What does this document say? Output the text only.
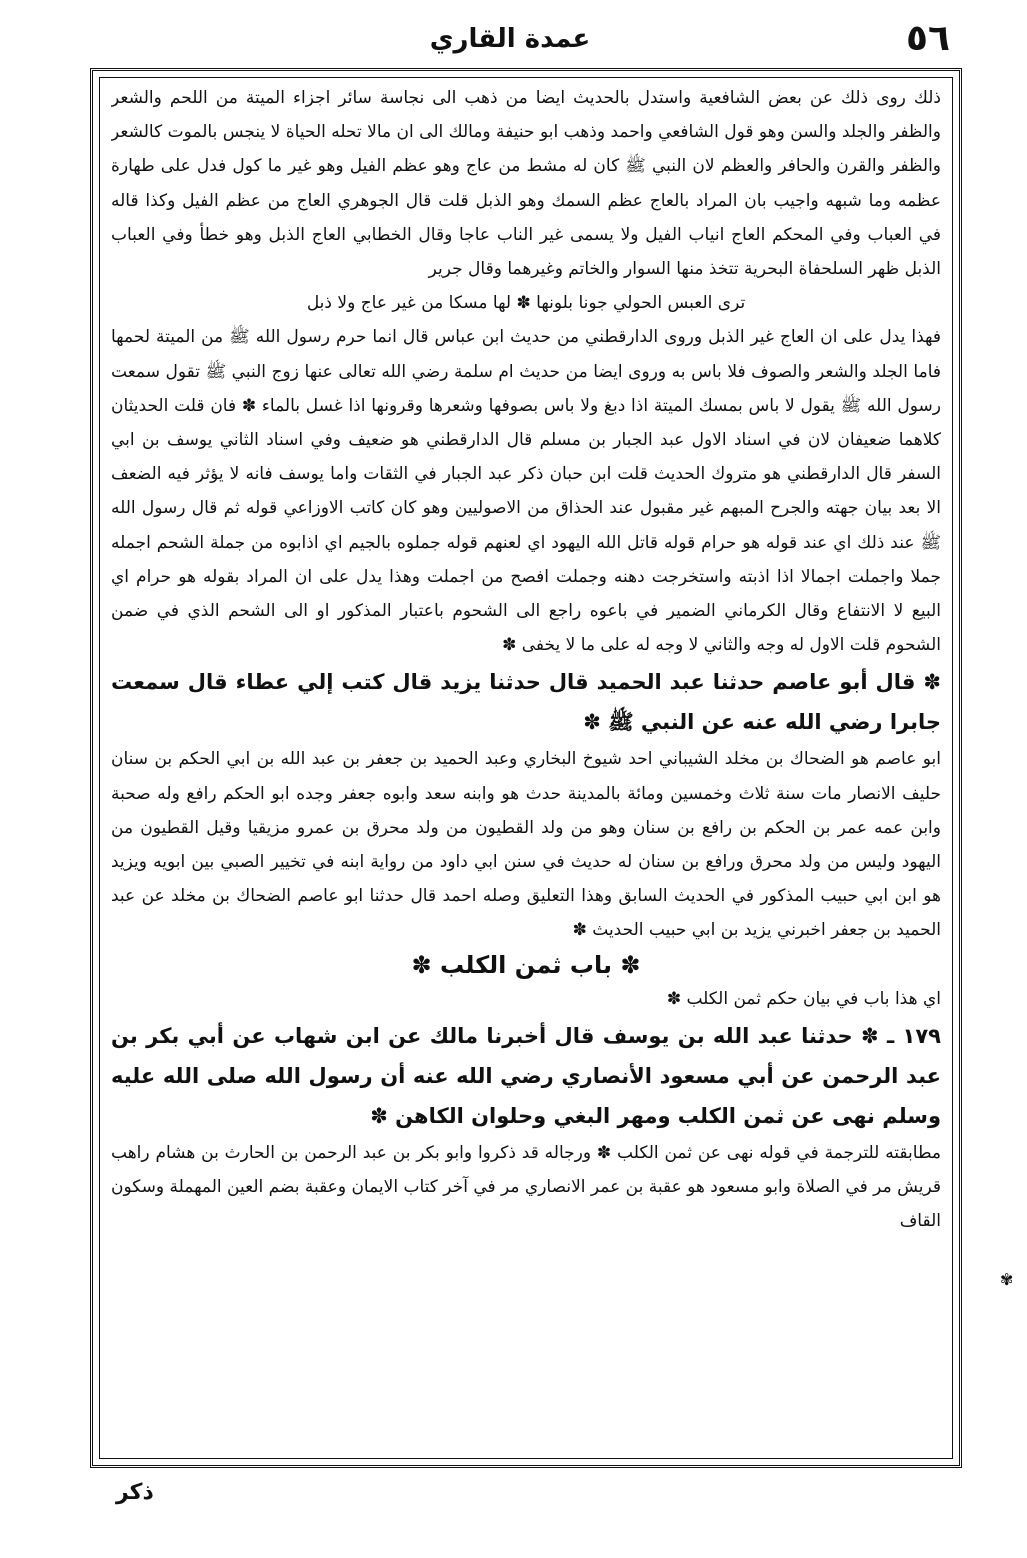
٥٦
عمدة القاري

ذلك روى ذلك عن بعض الشافعية واستدل بالحديث ايضا من ذهب الى نجاسة سائر اجزاء الميتة من اللحم والشعر والظفر والجلد والسن وهو قول الشافعي واحمد وذهب ابو حنيفة ومالك الى ان مالا تحله الحياة لا ينجس بالموت كالشعر والظفر والقرن والحافر والعظم لان النبي ﷺ كان له مشط من عاج وهو عظم الفيل وهو غير ما كول فدل على طهارة عظمه وما شبهه واجيب بان المراد بالعاج عظم السمك وهو الذبل قلت قال الجوهري العاج من عظم الفيل وكذا قاله في العباب وفي المحكم العاج انياب الفيل ولا يسمى غير الناب عاجا وقال الخطابي العاج الذبل وهو خطأ وفي العباب الذبل ظهر السلحفاة البحرية تتخذ منها السوار والخاتم وغيرهما وقال جرير

ترى العبس الحولي جونا بلونها ✽ لها مسكا من غير عاج ولا ذبل

فهذا يدل على ان العاج غير الذبل وروى الدارقطني من حديث ابن عباس قال انما حرم رسول الله ﷺ من الميتة لحمها فاما الجلد والشعر والصوف فلا باس به وروى ايضا من حديث ام سلمة رضي الله تعالى عنها زوج النبي ﷺ تقول سمعت رسول الله ﷺ يقول لا باس بمسك الميتة اذا دبغ ولا باس بصوفها وشعرها وقرونها اذا غسل بالماء ✽ فان قلت الحديثان كلاهما ضعيفان لان في اسناد الاول عبد الجبار بن مسلم قال الدارقطني هو ضعيف وفي اسناد الثاني يوسف بن ابي السفر قال الدارقطني هو متروك الحديث قلت ابن حبان ذكر عبد الجبار في الثقات واما يوسف فانه لا يؤثر فيه الضعف الا بعد بيان جهته والجرح المبهم غير مقبول عند الحذاق من الاصوليين وهو كان كاتب الاوزاعي قوله ثم قال رسول الله ﷺ عند ذلك اي عند قوله هو حرام قوله قاتل الله اليهود اي لعنهم قوله جملوه بالجيم اي اذابوه من جملة الشحم اجمله جملا واجملت اجمالا اذا اذبته واستخرجت دهنه وجملت افصح من اجملت وهذا يدل على ان المراد بقوله هو حرام اي البيع لا الانتفاع وقال الكرماني الضمير في باعوه راجع الى الشحوم باعتبار المذكور او الى الشحم الذي في ضمن الشحوم قلت الاول له وجه والثاني لا وجه له على ما لا يخفى ✽

✽ قال أبو عاصم حدثنا عبد الحميد قال حدثنا يزيد قال كتب إلي عطاء قال سمعت جابرا رضي الله عنه عن النبي ﷺ ✽

ابو عاصم هو الضحاك بن مخلد الشيباني احد شيوخ البخاري وعبد الحميد بن جعفر بن عبد الله بن ابي الحكم بن سنان حليف الانصار مات سنة ثلاث وخمسين ومائة بالمدينة حدث هو وابنه سعد وابوه جعفر وجده ابو الحكم رافع وله صحبة وابن عمه عمر بن الحكم بن رافع بن سنان وهو من ولد القطيون من ولد محرق بن عمرو مزيقيا وقيل القطيون من اليهود وليس من ولد محرق ورافع بن سنان له حديث في سنن ابي داود من رواية ابنه في تخيير الصبي بين ابويه ويزيد هو ابن ابي حبيب المذكور في الحديث السابق وهذا التعليق وصله احمد قال حدثنا ابو عاصم الضحاك بن مخلد عن عبد الحميد بن جعفر اخبرني يزيد بن ابي حبيب الحديث ✽

✽ باب ثمن الكلب ✽

اي هذا باب في بيان حكم ثمن الكلب ✽

١٧٩ ـ ✽ حدثنا عبد الله بن يوسف قال أخبرنا مالك عن ابن شهاب عن أبي بكر بن عبد الرحمن عن أبي مسعود الأنصاري رضي الله عنه أن رسول الله صلى الله عليه وسلم نهى عن ثمن الكلب ومهر البغي وحلوان الكاهن ✽

مطابقته للترجمة في قوله نهى عن ثمن الكلب ✽ ورجاله قد ذكروا وابو بكر بن عبد الرحمن بن الحارث بن هشام راهب قريش مر في الصلاة وابو مسعود هو عقبة بن عمر الانصاري مر في آخر كتاب الايمان وعقبة بضم العين المهملة وسكون القاف

ذكر
✾
